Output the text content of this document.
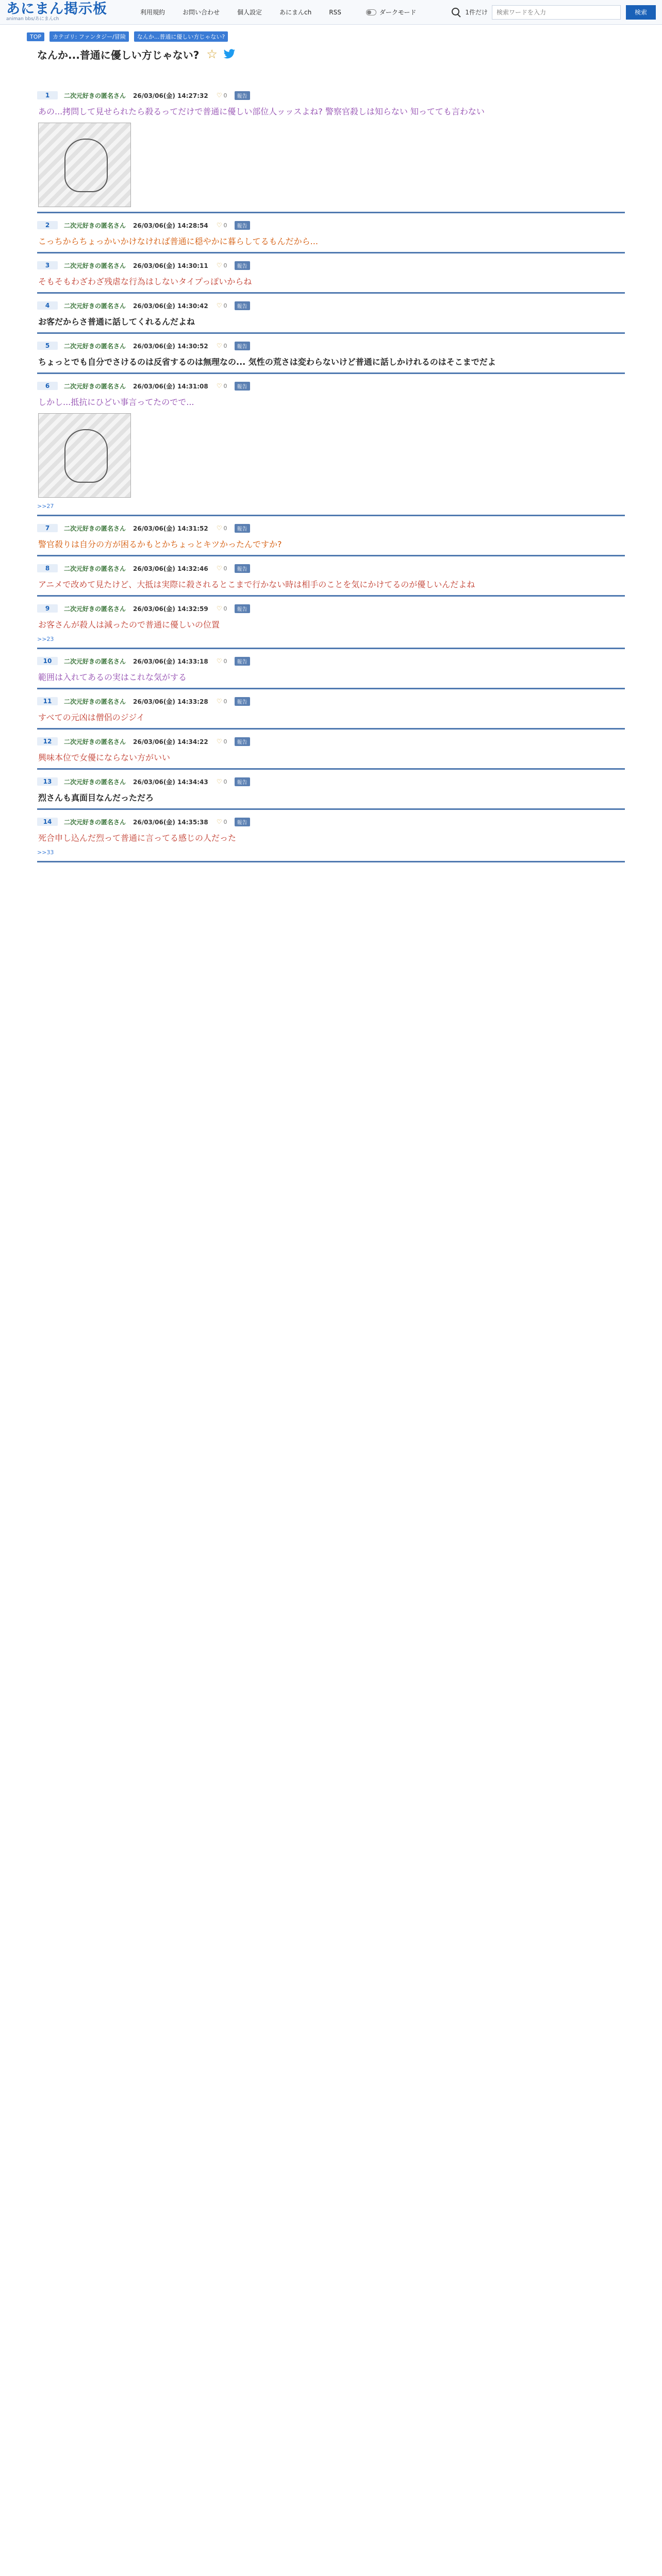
あにまん掲示板
animan bbs/あにまんch
利用規約	お問い合わせ	個人設定	あにまんch	RSS	ダークモード	1件だけ
検索ワードを入力	検索
TOP	カテゴリ: ファンタジー/冒険	なんか...普通に優しい方じゃない?
なんか...普通に優しい方じゃない? ☆
1	二次元好きの匿名さん 26/03/06(金) 14:27:32 ♡ 0	報告
あの...拷問して見せられたら殺るってだけで普通に優しい部位人ッッスよね? 警察官殺しは知らない 知ってても言わない
2	二次元好きの匿名さん 26/03/06(金) 14:28:54 ♡ 0	報告
こっちからちょっかいかけなければ普通に穏やかに暮らしてるもんだから...
3	二次元好きの匿名さん 26/03/06(金) 14:30:11 ♡ 0	報告
そもそもわざわざ残虐な行為はしないタイプっぽいからね
4	二次元好きの匿名さん 26/03/06(金) 14:30:42 ♡ 0	報告
お客だからさ普通に話してくれるんだよね
5	二次元好きの匿名さん 26/03/06(金) 14:30:52 ♡ 0	報告
ちょっとでも自分でさけるのは反省するのは無理なの... 気性の荒さは変わらないけど普通に話しかけれるのはそこまでだよ
6	二次元好きの匿名さん 26/03/06(金) 14:31:08 ♡ 0	報告
しかし...抵抗にひどい事言ってたのでで...
>>27
7	二次元好きの匿名さん 26/03/06(金) 14:31:52 ♡ 0	報告
警官殺りは自分の方が困るかもとかちょっとキツかったんですか?
8	二次元好きの匿名さん 26/03/06(金) 14:32:46 ♡ 0	報告
アニメで改めて見たけど、大抵は実際に殺されるとこまで行かない時は相手のことを気にかけてるのが優しいんだよね
9	二次元好きの匿名さん 26/03/06(金) 14:32:59 ♡ 0	報告
お客さんが殺人は減ったので普通に優しいの位置
>>23
10	二次元好きの匿名さん 26/03/06(金) 14:33:18 ♡ 0	報告
範囲は入れてあるの実はこれな気がする
11	二次元好きの匿名さん 26/03/06(金) 14:33:28 ♡ 0	報告
すべての元凶は僧侶のジジイ
12	二次元好きの匿名さん 26/03/06(金) 14:34:22 ♡ 0	報告
興味本位で女優にならない方がいい
13	二次元好きの匿名さん 26/03/06(金) 14:34:43 ♡ 0	報告
烈さんも真面目なんだっただろ
14	二次元好きの匿名さん 26/03/06(金) 14:35:38 ♡ 0	報告
死合申し込んだ烈って普通に言ってる感じの人だった
>>33
